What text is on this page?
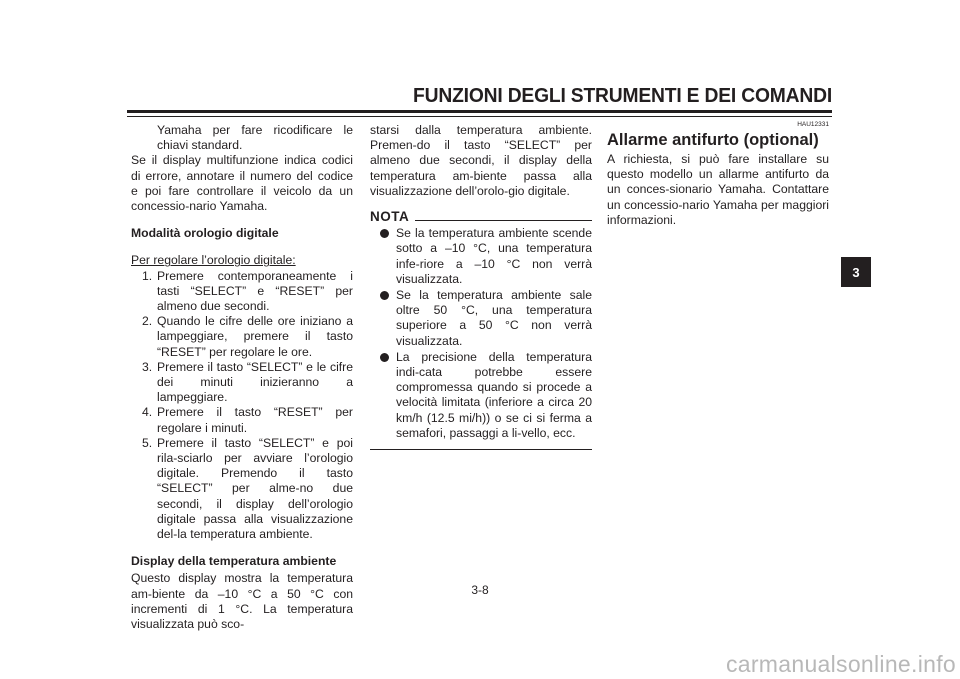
FUNZIONI DEGLI STRUMENTI E DEI COMANDI

Yamaha per fare ricodificare le chiavi standard.

Se il display multifunzione indica codici di errore, annotare il numero del codice e poi fare controllare il veicolo da un concessio-nario Yamaha.

Modalità orologio digitale

Per regolare l’orologio digitale:

1. Premere contemporaneamente i tasti “SELECT” e “RESET” per almeno due secondi.
2. Quando le cifre delle ore iniziano a lampeggiare, premere il tasto “RESET” per regolare le ore.
3. Premere il tasto “SELECT” e le cifre dei minuti inizieranno a lampeggiare.
4. Premere il tasto “RESET” per regolare i minuti.
5. Premere il tasto “SELECT” e poi rila-sciarlo per avviare l’orologio digitale. Premendo il tasto “SELECT” per alme-no due secondi, il display dell’orologio digitale passa alla visualizzazione del-la temperatura ambiente.

Display della temperatura ambiente

Questo display mostra la temperatura am-biente da –10 °C a 50 °C con incrementi di 1 °C. La temperatura visualizzata può sco-

starsi dalla temperatura ambiente. Premen-do il tasto “SELECT” per almeno due secondi, il display della temperatura am-biente passa alla visualizzazione dell’orolo-gio digitale.

NOTA
Se la temperatura ambiente scende sotto a –10 °C, una temperatura infe-riore a –10 °C non verrà visualizzata.
Se la temperatura ambiente sale oltre 50 °C, una temperatura superiore a 50 °C non verrà visualizzata.
La precisione della temperatura indi-cata potrebbe essere compromessa quando si procede a velocità limitata (inferiore a circa 20 km/h (12.5 mi/h)) o se ci si ferma a semafori, passaggi a li-vello, ecc.
HAU12331
Allarme antifurto (optional)

A richiesta, si può fare installare su questo modello un allarme antifurto da un conces-sionario Yamaha. Contattare un concessio-nario Yamaha per maggiori informazioni.

3
3-8
carmanualsonline.info
